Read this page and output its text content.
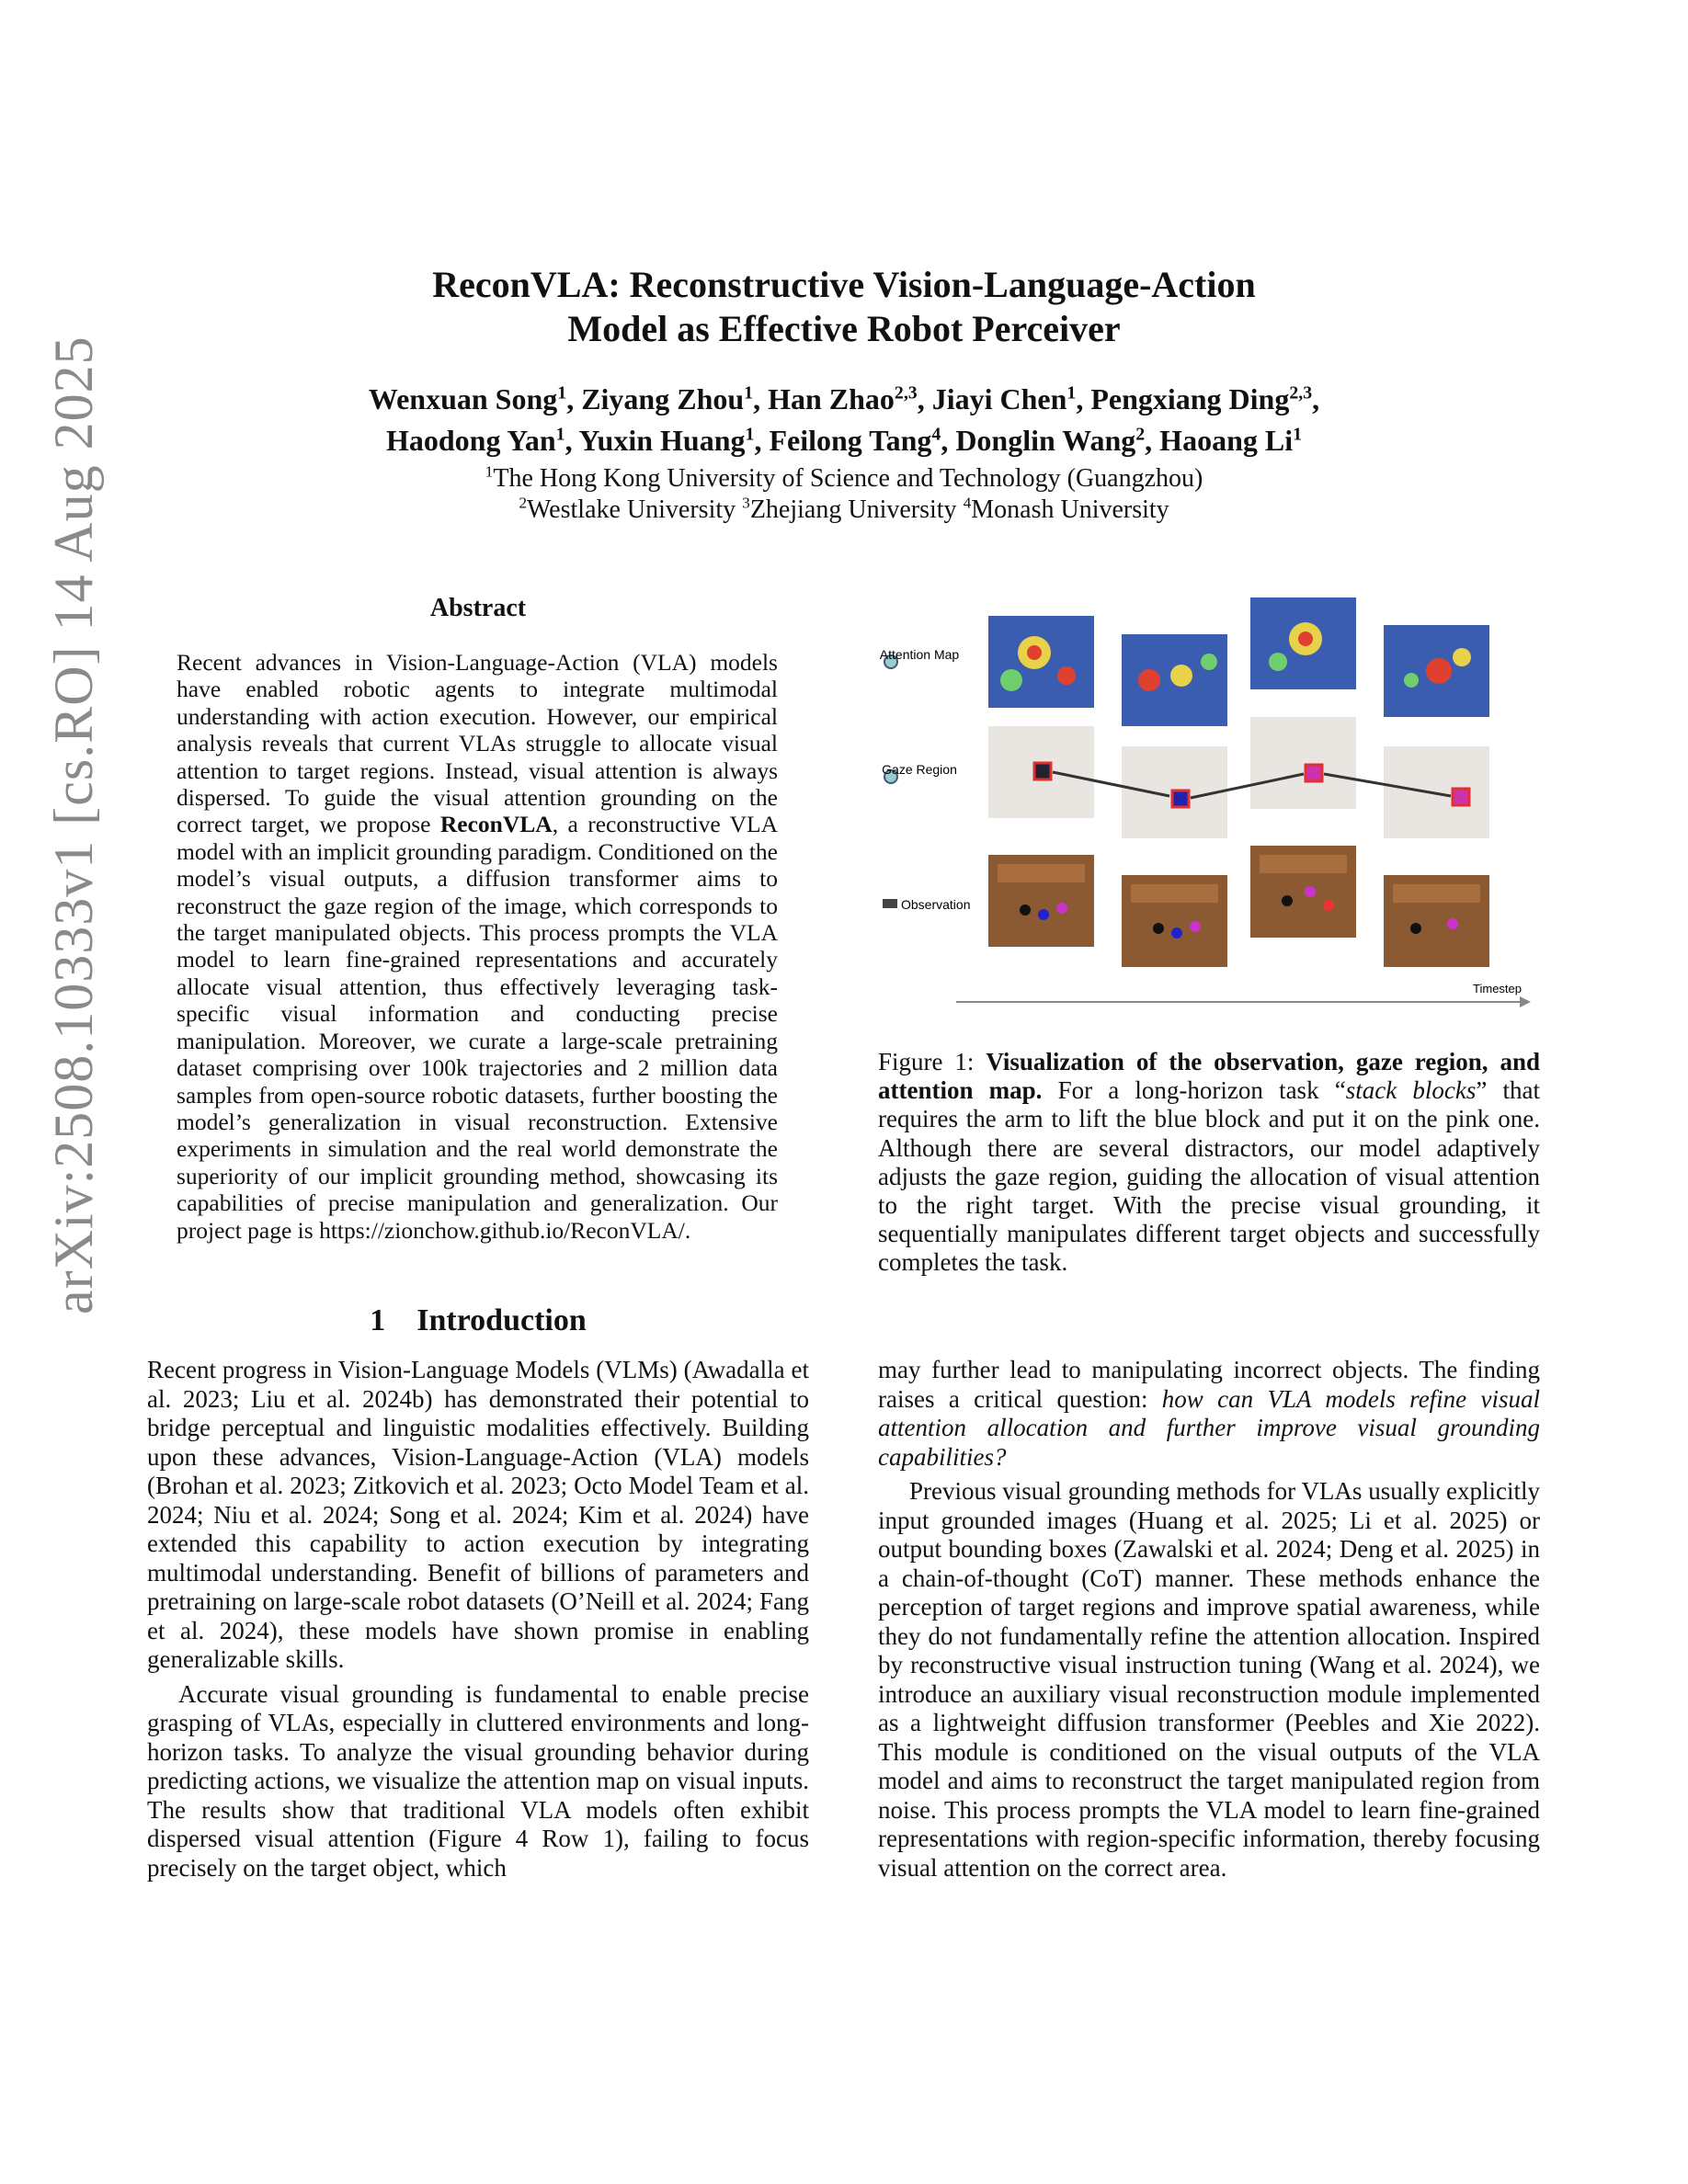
arXiv:2508.10333v1 [cs.RO] 14 Aug 2025
ReconVLA: Reconstructive Vision-Language-Action
Model as Effective Robot Perceiver
Wenxuan Song$^1$, Ziyang Zhou$^1$, Han Zhao$^{2,3}$, Jiayi Chen$^1$, Pengxiang Ding$^{2,3}$,
Haodong Yan$^1$, Yuxin Huang$^1$, Feilong Tang$^4$, Donglin Wang$^2$, Haoang Li$^1$
$^1$The Hong Kong University of Science and Technology (Guangzhou)
$^2$Westlake University $^3$Zhejiang University $^4$Monash University
Abstract
Recent advances in Vision-Language-Action (VLA) models have enabled robotic agents to integrate multimodal understanding with action execution. However, our empirical analysis reveals that current VLAs struggle to allocate visual attention to target regions. Instead, visual attention is always dispersed. To guide the visual attention grounding on the correct target, we propose ReconVLA, a reconstructive VLA model with an implicit grounding paradigm. Conditioned on the model’s visual outputs, a diffusion transformer aims to reconstruct the gaze region of the image, which corresponds to the target manipulated objects. This process prompts the VLA model to learn fine-grained representations and accurately allocate visual attention, thus effectively leveraging task-specific visual information and conducting precise manipulation. Moreover, we curate a large-scale pretraining dataset comprising over 100k trajectories and 2 million data samples from open-source robotic datasets, further boosting the model’s generalization in visual reconstruction. Extensive experiments in simulation and the real world demonstrate the superiority of our implicit grounding method, showcasing its capabilities of precise manipulation and generalization. Our project page is https://zionchow.github.io/ReconVLA/.
Attention Map
Gaze Region
Observation
Timestep
Figure 1: Visualization of the observation, gaze region, and attention map. For a long-horizon task “stack blocks” that requires the arm to lift the blue block and put it on the pink one. Although there are several distractors, our model adaptively adjusts the gaze region, guiding the allocation of visual attention to the right target. With the precise visual grounding, it sequentially manipulates different target objects and successfully completes the task.
1 Introduction

Recent progress in Vision-Language Models (VLMs) (Awadalla et al. 2023; Liu et al. 2024b) has demonstrated their potential to bridge perceptual and linguistic modalities effectively. Building upon these advances, Vision-Language-Action (VLA) models (Brohan et al. 2023; Zitkovich et al. 2023; Octo Model Team et al. 2024; Niu et al. 2024; Song et al. 2024; Kim et al. 2024) have extended this capability to action execution by integrating multimodal understanding. Benefit of billions of parameters and pretraining on large-scale robot datasets (O’Neill et al. 2024; Fang et al. 2024), these models have shown promise in enabling generalizable skills.

Accurate visual grounding is fundamental to enable precise grasping of VLAs, especially in cluttered environments and long-horizon tasks. To analyze the visual grounding behavior during predicting actions, we visualize the attention map on visual inputs. The results show that traditional VLA models often exhibit dispersed visual attention (Figure 4 Row 1), failing to focus precisely on the target object, which

may further lead to manipulating incorrect objects. The finding raises a critical question: how can VLA models refine visual attention allocation and further improve visual grounding capabilities?

Previous visual grounding methods for VLAs usually explicitly input grounded images (Huang et al. 2025; Li et al. 2025) or output bounding boxes (Zawalski et al. 2024; Deng et al. 2025) in a chain-of-thought (CoT) manner. These methods enhance the perception of target regions and improve spatial awareness, while they do not fundamentally refine the attention allocation. Inspired by reconstructive visual instruction tuning (Wang et al. 2024), we introduce an auxiliary visual reconstruction module implemented as a lightweight diffusion transformer (Peebles and Xie 2022). This module is conditioned on the visual outputs of the VLA model and aims to reconstruct the target manipulated region from noise. This process prompts the VLA model to learn fine-grained representations with region-specific information, thereby focusing visual attention on the correct area.
